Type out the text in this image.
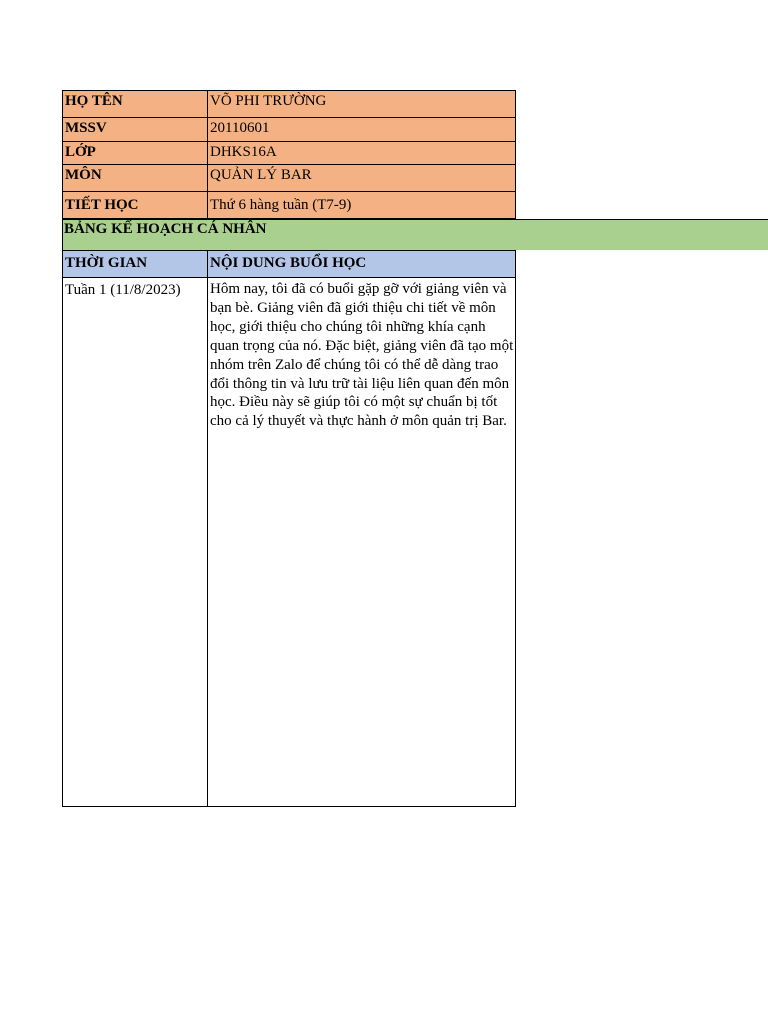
HỌ TÊN	VÕ PHI TRƯỜNG
MSSV	20110601
LỚP	DHKS16A
MÔN	QUẢN LÝ BAR
TIẾT HỌC	Thứ 6 hàng tuần (T7-9)
BẢNG KẾ HOẠCH CÁ NHÂN
THỜI GIAN	NỘI DUNG BUỔI HỌC
Tuần 1 (11/8/2023)	Hôm nay, tôi đã có buổi gặp gỡ với giảng viên và bạn bè. Giảng viên đã giới thiệu chi tiết về môn học, giới thiệu cho chúng tôi những khía cạnh quan trọng của nó. Đặc biệt, giảng viên đã tạo một nhóm trên Zalo để chúng tôi có thể dễ dàng trao đổi thông tin và lưu trữ tài liệu liên quan đến môn học. Điều này sẽ giúp tôi có một sự chuẩn bị tốt cho cả lý thuyết và thực hành ở môn quản trị Bar.
